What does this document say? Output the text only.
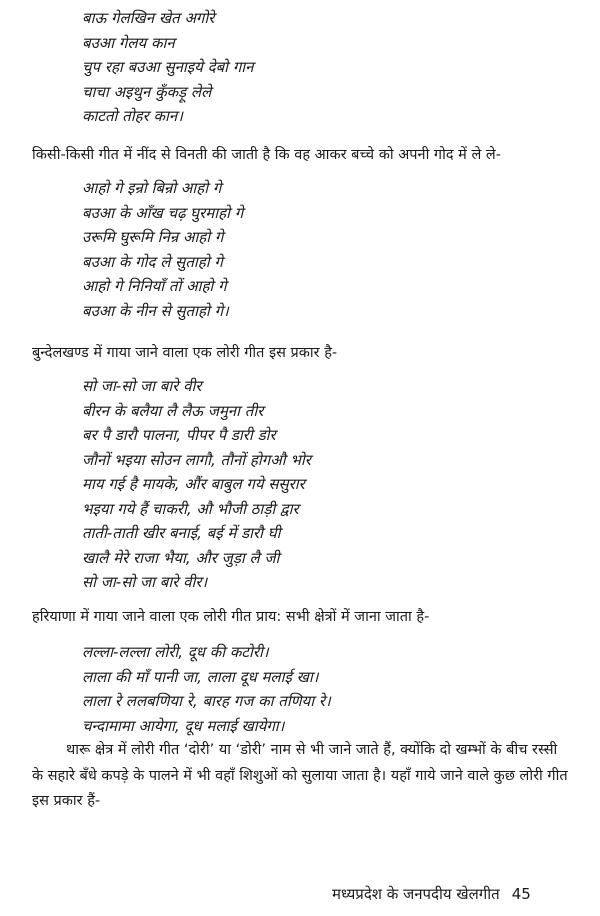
बाऊ गेलखिन खेत अगोरे
बउआ गेलय कान
चुप रहा बउआ सुनाइये देबो गान
चाचा अइथुन कुँकड़ू लेले
काटतो तोहर कान।

किसी-किसी गीत में नींद से विनती की जाती है कि वह आकर बच्चे को अपनी गोद में ले ले-

आहो गे इन्रो बिन्रो आहो गे
बउआ के आँख चढ़ घुरमाहो गे
उरूमि घुरूमि निन्र आहो गे
बउआ के गोद ले सुताहो गे
आहो गे निनियाँ तों आहो गे
बउआ के नीन से सुताहो गे।

बुन्देलखण्ड में गाया जाने वाला एक लोरी गीत इस प्रकार है-

सो जा-सो जा बारे वीर
बीरन के बलैया लै लैऊ जमुना तीर
बर पै डारौ पालना, पीपर पै डारी डोर
जौनों भइया सोउन लागौ, तौनों होगऔ भोर
माय गई है मायके, औंर बाबुल गये ससुरार
भइया गये हैं चाकरी, औ भौजी ठाड़ी द्वार
ताती-ताती खीर बनाई, बई में डारौ घी
खालै मेरे राजा भैया, और जुड़ा लै जी
सो जा-सो जा बारे वीर।

हरियाणा में गाया जाने वाला एक लोरी गीत प्राय: सभी क्षेत्रों में जाना जाता है-

लल्ला-लल्ला लोरी, दूध की कटोरी।
लाला की माँ पानी जा, लाला दूध मलाई खा।
लाला रे ललबणिया रे, बारह गज का तणिया रे।
चन्दामामा आयेगा, दूध मलाई खायेगा।

थारू क्षेत्र में लोरी गीत ‘दोरी’ या ‘डोरी’ नाम से भी जाने जाते हैं, क्योंकि दो खम्भों के बीच रस्सी के सहारे बँधे कपड़े के पालने में भी वहाँ शिशुओं को सुलाया जाता है। यहाँ गाये जाने वाले कुछ लोरी गीत इस प्रकार हैं-

मध्यप्रदेश के जनपदीय खेलगीत 45
